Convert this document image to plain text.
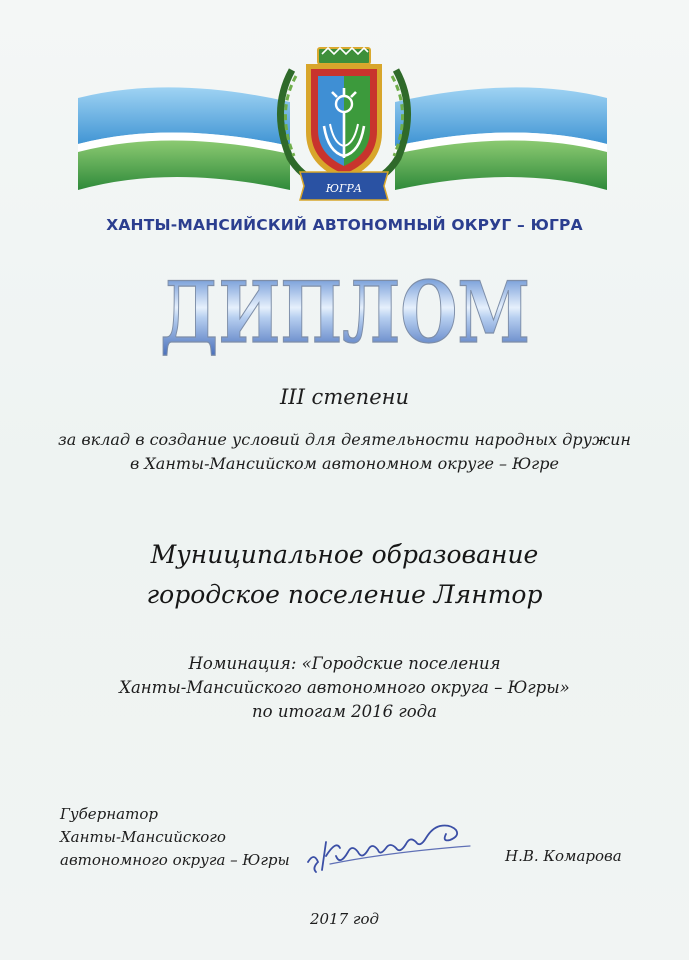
ЮГРА
ХАНТЫ-МАНСИЙСКИЙ АВТОНОМНЫЙ ОКРУГ – ЮГРА
ДИПЛОМ
III степени
за вклад в создание условий для деятельности народных дружин
в Ханты-Мансийском автономном округе – Югре
Муниципальное образование
городское поселение Лянтор
Номинация: «Городские поселения
Ханты-Мансийского автономного округа – Югры»
по итогам 2016 года
Губернатор
Ханты-Мансийского
автономного округа – Югры	Н.В. Комарова
2017 год
